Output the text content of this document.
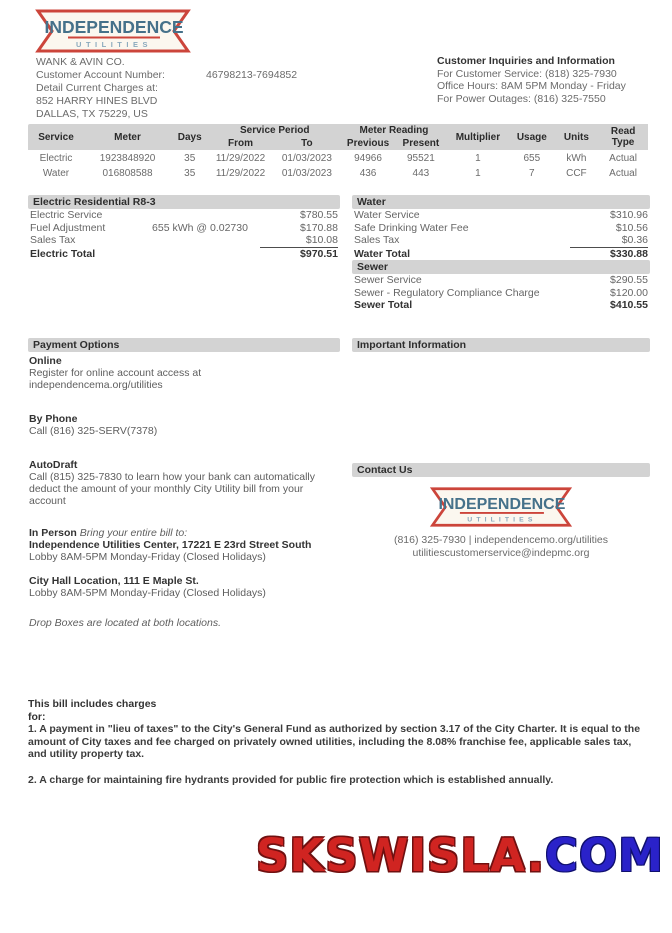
INDEPENDENCE
UTILITIES
WANK & AVIN CO.
Customer Account Number:	46798213-7694852
Detail Current Charges at:
852 HARRY HINES BLVD
DALLAS, TX 75229, US
Customer Inquiries and Information
For Customer Service: (818) 325-7930
Office Hours: 8AM 5PM Monday - Friday
For Power Outages: (816) 325-7550
Service	Meter	Days	Service Period		Meter Reading		Multiplier	Usage	Units	Read Type
			From	To	Previous	Present				
Electric	1923848920	35	11/29/2022	01/03/2023	94966	95521	1	655	kWh	Actual
Water	016808588	35	11/29/2022	01/03/2023	436	443	1	7	CCF	Actual
Electric Residential R8-3
Electric Service	$780.55
Fuel Adjustment	655 kWh @ 0.02730	$170.88
Sales Tax	$10.08
Electric Total	$970.51
Water
Water Service	$310.96
Safe Drinking Water Fee	$10.56
Sales Tax	$0.36
Water Total	$330.88
Sewer
Sewer Service	$290.55
Sewer - Regulatory Compliance Charge	$120.00
Sewer Total	$410.55
Payment Options
Online
Register for online account access at
independencema.org/utilities
By Phone
Call (816) 325-SERV(7378)
AutoDraft
Call (815) 325-7830 to learn how your bank can automatically deduct the amount of your monthly City Utility bill from your account
In Person Bring your entire bill to:
Independence Utilities Center, 17221 E 23rd Street South
Lobby 8AM-5PM Monday-Friday (Closed Holidays)
City Hall Location, 111 E Maple St.
Lobby 8AM-5PM Monday-Friday (Closed Holidays)
Drop Boxes are located at both locations.
Important Information
Contact Us
INDEPENDENCE
UTILITIES
(816) 325-7930 | independencemo.org/utilities
utilitiescustomerservice@indepmc.org
This bill includes charges
for:
1. A payment in "lieu of taxes" to the City's General Fund as authorized by section 3.17 of the City Charter. It is equal to the amount of City taxes and fee charged on privately owned utilities, including the 8.08% franchise fee, applicable sales tax, and utility property tax.
2. A charge for maintaining fire hydrants provided for public fire protection which is established annually.
SKSWISLA.COM
